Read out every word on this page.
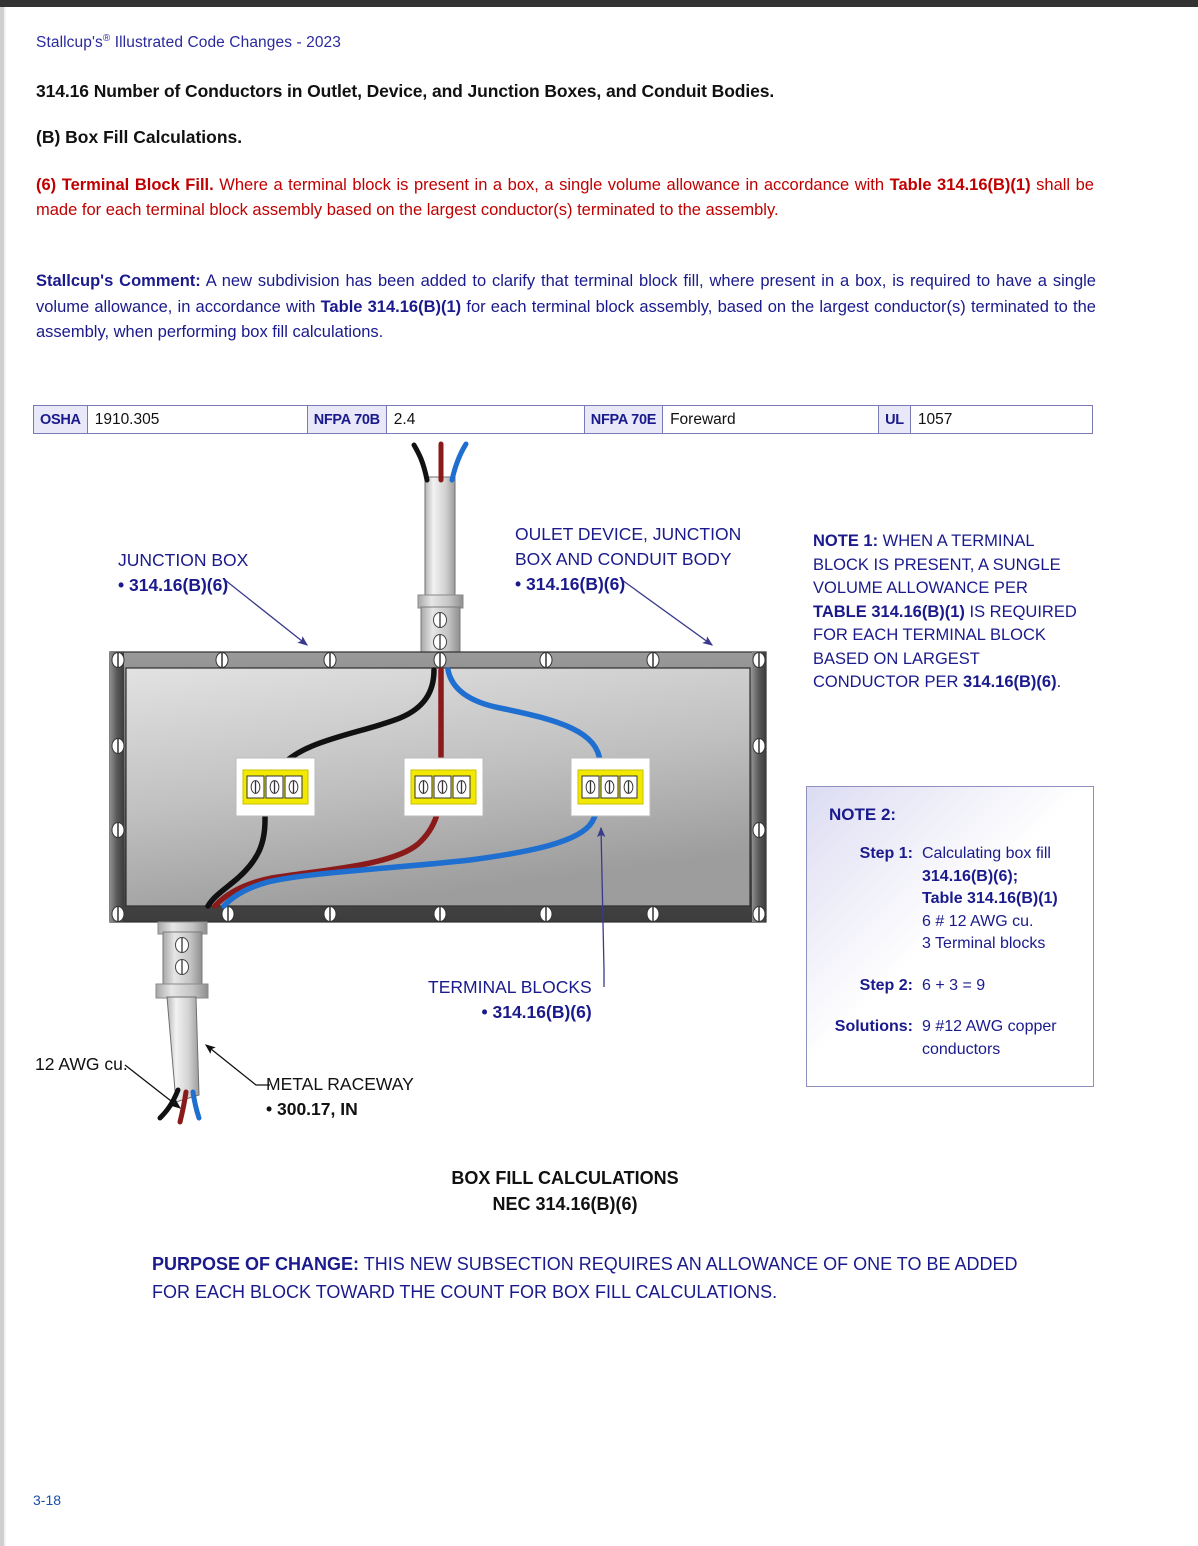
Stallcup's® Illustrated Code Changes - 2023
314.16 Number of Conductors in Outlet, Device, and Junction Boxes, and Conduit Bodies.
(B) Box Fill Calculations.
(6) Terminal Block Fill. Where a terminal block is present in a box, a single volume allowance in accordance with Table 314.16(B)(1) shall be made for each terminal block assembly based on the largest conductor(s) terminated to the assembly.
Stallcup's Comment: A new subdivision has been added to clarify that terminal block fill, where present in a box, is required to have a single volume allowance, in accordance with Table 314.16(B)(1) for each terminal block assembly, based on the largest conductor(s) terminated to the assembly, when performing box fill calculations.
OSHA 1910.305	NFPA 70B 2.4	NFPA 70E Foreward	UL 1057
JUNCTION BOX
• 314.16(B)(6)
OULET DEVICE, JUNCTION
BOX AND CONDUIT BODY
• 314.16(B)(6)
TERMINAL BLOCKS
• 314.16(B)(6)
12 AWG cu.
METAL RACEWAY
• 300.17, IN
NOTE 1: WHEN A TERMINAL BLOCK IS PRESENT, A SUNGLE VOLUME ALLOWANCE PER TABLE 314.16(B)(1) IS REQUIRED FOR EACH TERMINAL BLOCK BASED ON LARGEST CONDUCTOR PER 314.16(B)(6).
NOTE 2:
Step 1: Calculating box fill
314.16(B)(6);
Table 314.16(B)(1)
6 # 12 AWG cu.
3 Terminal blocks
Step 2: 6 + 3 = 9
Solutions: 9 #12 AWG copper
conductors
BOX FILL CALCULATIONS
NEC 314.16(B)(6)
PURPOSE OF CHANGE: THIS NEW SUBSECTION REQUIRES AN ALLOWANCE OF ONE TO BE ADDED FOR EACH BLOCK TOWARD THE COUNT FOR BOX FILL CALCULATIONS.
3-18
